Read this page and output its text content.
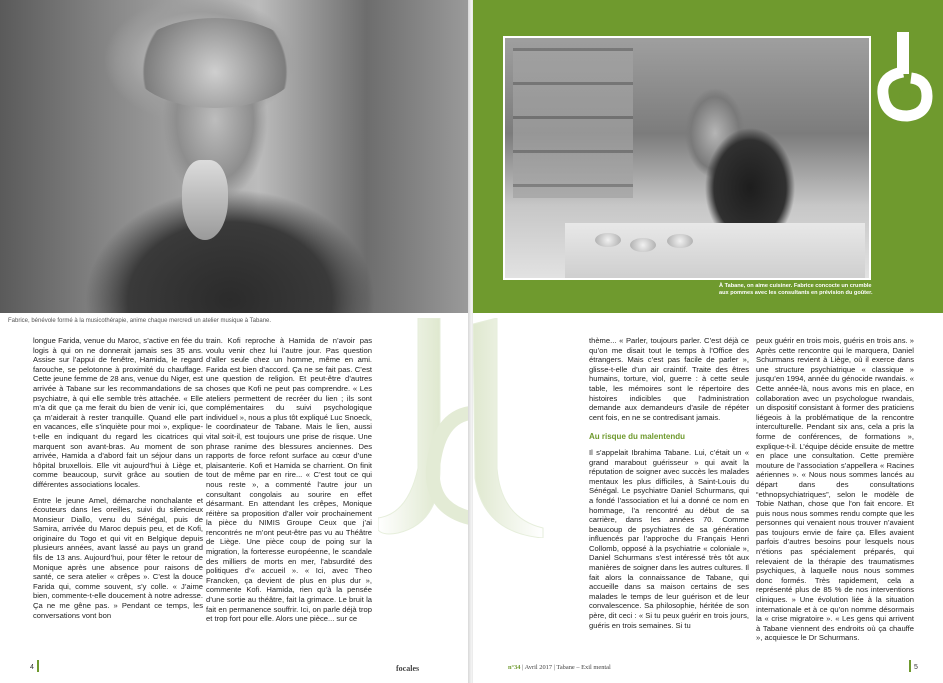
Fabrice, bénévole formé à la musicothérapie, anime chaque mercredi un atelier musique à Tabane.

longue Farida, venue du Maroc, s’active en fée du logis à qui on ne donnerait jamais ses 35 ans. Assise sur l’appui de fenêtre, Hamida, le regard farouche, se pelotonne à proximité du chauffage. Cette jeune femme de 28 ans, venue du Niger, est arrivée à Tabane sur les recommandations de sa psychiatre, à qui elle semble très attachée. « Elle m’a dit que ça me ferait du bien de venir ici, que ça m’aiderait à rester tranquille. Quand elle part en vacances, elle s’inquiète pour moi », explique-t-elle en indiquant du regard les cicatrices qui marquent son avant-bras. Au moment de son arrivée, Hamida a d’abord fait un séjour dans un hôpital bruxellois. Elle vit aujourd’hui à Liège et, comme beaucoup, survit grâce au soutien de différentes associations locales.

Entre le jeune Amel, démarche nonchalante et écouteurs dans les oreilles, suivi du silencieux Monsieur Diallo, venu du Sénégal, puis de Samira, arrivée du Maroc depuis peu, et de Kofi, originaire du Togo et qui vit en Belgique depuis plusieurs années, avant lassé au pays un grand fils de 13 ans. Aujourd’hui, pour fêter le retour de Monique après une absence pour raisons de santé, ce sera atelier « crêpes ». C’est la douce Farida qui, comme souvent, s’y colle. « J’aime bien, commente-t-elle doucement à notre adresse. Ça ne me gêne pas. » Pendant ce temps, les conversations vont bon

train. Kofi reproche à Hamida de n’avoir pas voulu venir chez lui l’autre jour. Pas question d’aller seule chez un homme, même en ami. Farida est bien d’accord. Ça ne se fait pas. C’est une question de religion. Et peut-être d’autres choses que Kofi ne peut pas comprendre. « Les ateliers permettent de recréer du lien ; ils sont complémentaires du suivi psychologique individuel », nous a plus tôt expliqué Luc Snoeck, le coordinateur de Tabane. Mais le lien, aussi vital soit-il, est toujours une prise de risque. Une phrase ranime des blessures anciennes. Des rapports de force refont surface au cœur d’une plaisanterie. Kofi et Hamida se charrient. On finit tout de même par en rire... « C’est tout ce qui nous reste », a commenté l’autre jour un consultant congolais au sourire en effet désarmant. En attendant les crêpes, Monique réitère sa proposition d’aller voir prochainement la pièce du NIMIS Groupe Ceux que j’ai rencontrés ne m’ont peut-être pas vu au Théâtre de Liège. Une pièce coup de poing sur la migration, la forteresse européenne, le scandale des milliers de morts en mer, l’absurdité des politiques d’« accueil ». « Ici, avec Theo Francken, ça devient de plus en plus dur », commente Kofi. Hamida, rien qu’à la pensée d’une sortie au théâtre, fait la grimace. Le bruit la fait en permanence souffrir. Ici, on parle déjà trop et trop fort pour elle. Alors une pièce... sur ce

4	focales
À Tabane, on aime cuisiner. Fabrice concocte un crumble aux pommes avec les consultants en prévision du goûter.

thème... « Parler, toujours parler. C’est déjà ce qu’on me disait tout le temps à l’Office des étrangers. Mais c’est pas facile de parler », glisse-t-elle d’un air craintif. Traite des êtres humains, torture, viol, guerre : à cette seule table, les mémoires sont le répertoire des histoires indicibles que l’administration demande aux demandeurs d’asile de répéter cent fois, en ne se contredisant jamais.

Au risque du malentendu

Il s’appelait Ibrahima Tabane. Lui, c’était un « grand marabout guérisseur » qui avait la réputation de soigner avec succès les malades mentaux les plus difficiles, à Saint-Louis du Sénégal. Le psychiatre Daniel Schurmans, qui a fondé l’association et lui a donné ce nom en hommage, l’a rencontré au début de sa carrière, dans les années 70. Comme beaucoup de psychiatres de sa génération influencés par l’approche du Français Henri Collomb, opposé à la psychiatrie « coloniale », Daniel Schurmans s’est intéressé très tôt aux manières de soigner dans les autres cultures. Il fait alors la connaissance de Tabane, qui accueille dans sa maison certains de ses malades le temps de leur guérison et de leur convalescence. Sa philosophie, héritée de son père, dit ceci : « Si tu peux guérir en trois jours, guéris en trois semaines. Si tu

peux guérir en trois mois, guéris en trois ans. » Après cette rencontre qui le marquera, Daniel Schurmans revient à Liège, où il exerce dans une structure psychiatrique « classique » jusqu’en 1994, année du génocide rwandais. « Cette année-là, nous avons mis en place, en collaboration avec un psychologue rwandais, un dispositif consistant à former des praticiens liégeois à la problématique de la rencontre interculturelle. Pendant six ans, cela a pris la forme de conférences, de formations », explique-t-il. L’équipe décide ensuite de mettre en place une consultation. Cette première mouture de l’association s’appellera « Racines aériennes ». « Nous nous sommes lancés au départ dans des consultations “ethnopsychiatriques”, selon le modèle de Tobie Nathan, chose que l’on fait encore. Et puis nous nous sommes rendu compte que les personnes qui venaient nous trouver n’avaient pas toujours envie de faire ça. Elles avaient parfois d’autres besoins pour lesquels nous n’étions pas spécialement préparés, qui relevaient de la thérapie des traumatismes psychiques, à laquelle nous nous sommes donc formés. Très rapidement, cela a représenté plus de 85 % de nos interventions cliniques. » Une évolution liée à la situation internationale et à ce qu’on nomme désormais la « crise migratoire ». « Les gens qui arrivent à Tabane viennent des endroits où ça chauffe », acquiesce le Dr Schurmans.

n°34 | Avril 2017 | Tabane – Exil mental	5
